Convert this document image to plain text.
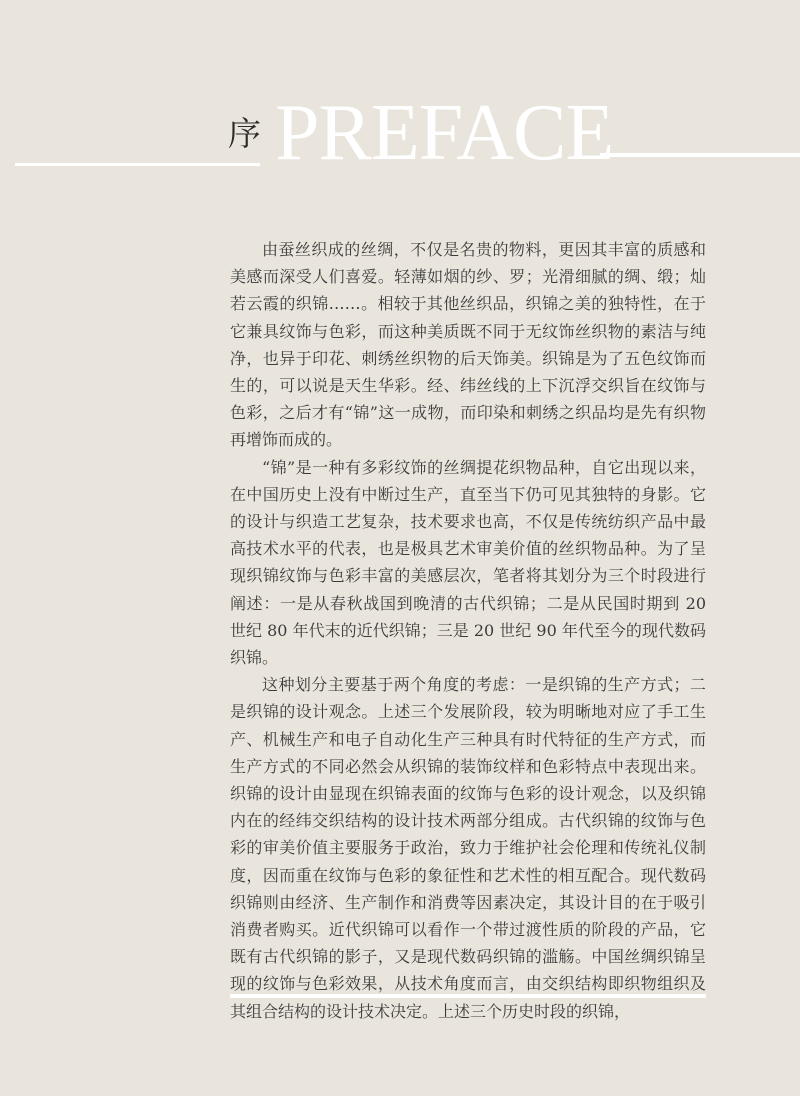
序 PREFACE

由蚕丝织成的丝绸，不仅是名贵的物料，更因其丰富的质感和美感而深受人们喜爱。轻薄如烟的纱、罗；光滑细腻的绸、缎；灿若云霞的织锦……。相较于其他丝织品，织锦之美的独特性，在于它兼具纹饰与色彩，而这种美质既不同于无纹饰丝织物的素洁与纯净，也异于印花、刺绣丝织物的后天饰美。织锦是为了五色纹饰而生的，可以说是天生华彩。经、纬丝线的上下沉浮交织旨在纹饰与色彩，之后才有“锦”这一成物，而印染和刺绣之织品均是先有织物再增饰而成的。

“锦”是一种有多彩纹饰的丝绸提花织物品种，自它出现以来，在中国历史上没有中断过生产，直至当下仍可见其独特的身影。它的设计与织造工艺复杂，技术要求也高，不仅是传统纺织产品中最高技术水平的代表，也是极具艺术审美价值的丝织物品种。为了呈现织锦纹饰与色彩丰富的美感层次，笔者将其划分为三个时段进行阐述：一是从春秋战国到晚清的古代织锦；二是从民国时期到 20 世纪 80 年代末的近代织锦；三是 20 世纪 90 年代至今的现代数码织锦。

这种划分主要基于两个角度的考虑：一是织锦的生产方式；二是织锦的设计观念。上述三个发展阶段，较为明晰地对应了手工生产、机械生产和电子自动化生产三种具有时代特征的生产方式，而生产方式的不同必然会从织锦的装饰纹样和色彩特点中表现出来。织锦的设计由显现在织锦表面的纹饰与色彩的设计观念，以及织锦内在的经纬交织结构的设计技术两部分组成。古代织锦的纹饰与色彩的审美价值主要服务于政治，致力于维护社会伦理和传统礼仪制度，因而重在纹饰与色彩的象征性和艺术性的相互配合。现代数码织锦则由经济、生产制作和消费等因素决定，其设计目的在于吸引消费者购买。近代织锦可以看作一个带过渡性质的阶段的产品，它既有古代织锦的影子，又是现代数码织锦的滥觞。中国丝绸织锦呈现的纹饰与色彩效果，从技术角度而言，由交织结构即织物组织及其组合结构的设计技术决定。上述三个历史时段的织锦，
